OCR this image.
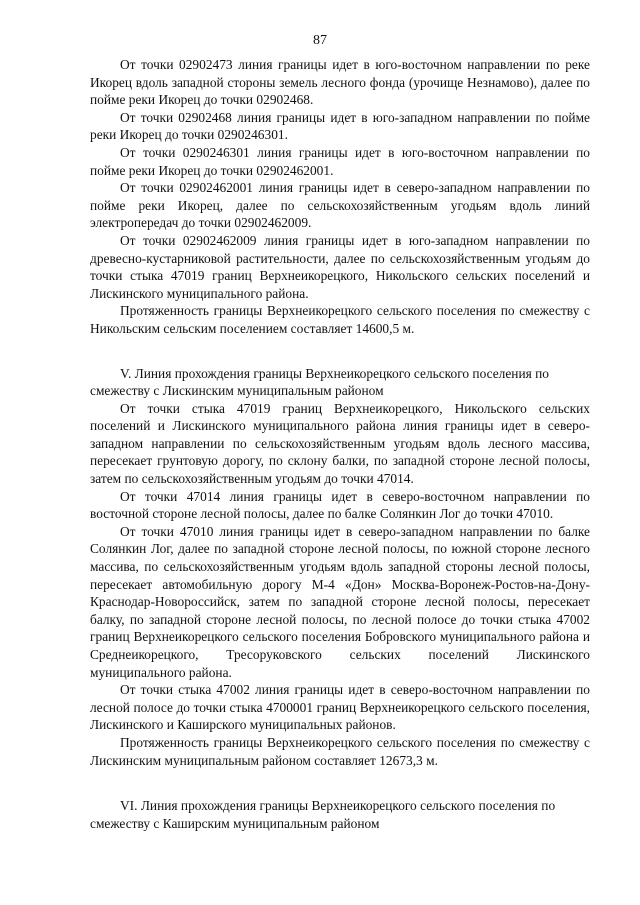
87

От точки 02902473 линия границы идет в юго-восточном направлении по реке Икорец вдоль западной стороны земель лесного фонда (урочище Незнамово), далее по пойме реки Икорец до точки 02902468.

От точки 02902468 линия границы идет в юго-западном направлении по пойме реки Икорец до точки 0290246301.

От точки 0290246301 линия границы идет в юго-восточном направлении по пойме реки Икорец до точки 02902462001.

От точки 02902462001 линия границы идет в северо-западном направлении по пойме реки Икорец, далее по сельскохозяйственным угодьям вдоль линий электропередач до точки 02902462009.

От точки 02902462009 линия границы идет в юго-западном направлении по древесно-кустарниковой растительности, далее по сельскохозяйственным угодьям до точки стыка 47019 границ Верхнеикорецкого, Никольского сельских поселений и Лискинского муниципального района.

Протяженность границы Верхнеикорецкого сельского поселения по смежеству с Никольским сельским поселением составляет 14600,5 м.

V. Линия прохождения границы Верхнеикорецкого сельского поселения по смежеству с Лискинским муниципальным районом

От точки стыка 47019 границ Верхнеикорецкого, Никольского сельских поселений и Лискинского муниципального района линия границы идет в северо-западном направлении по сельскохозяйственным угодьям вдоль лесного массива, пересекает грунтовую дорогу, по склону балки, по западной стороне лесной полосы, затем по сельскохозяйственным угодьям до точки 47014.

От точки 47014 линия границы идет в северо-восточном направлении по восточной стороне лесной полосы, далее по балке Солянкин Лог до точки 47010.

От точки 47010 линия границы идет в северо-западном направлении по балке Солянкин Лог, далее по западной стороне лесной полосы, по южной стороне лесного массива, по сельскохозяйственным угодьям вдоль западной стороны лесной полосы, пересекает автомобильную дорогу М-4 «Дон» Москва-Воронеж-Ростов-на-Дону-Краснодар-Новороссийск, затем по западной стороне лесной полосы, пересекает балку, по западной стороне лесной полосы, по лесной полосе до точки стыка 47002 границ Верхнеикорецкого сельского поселения Бобровского муниципального района и Среднеикорецкого, Тресоруковского сельских поселений Лискинского муниципального района.

От точки стыка 47002 линия границы идет в северо-восточном направлении по лесной полосе до точки стыка 4700001 границ Верхнеикорецкого сельского поселения, Лискинского и Каширского муниципальных районов.

Протяженность границы Верхнеикорецкого сельского поселения по смежеству с Лискинским муниципальным районом составляет 12673,3 м.

VI. Линия прохождения границы Верхнеикорецкого сельского поселения по смежеству с Каширским муниципальным районом
